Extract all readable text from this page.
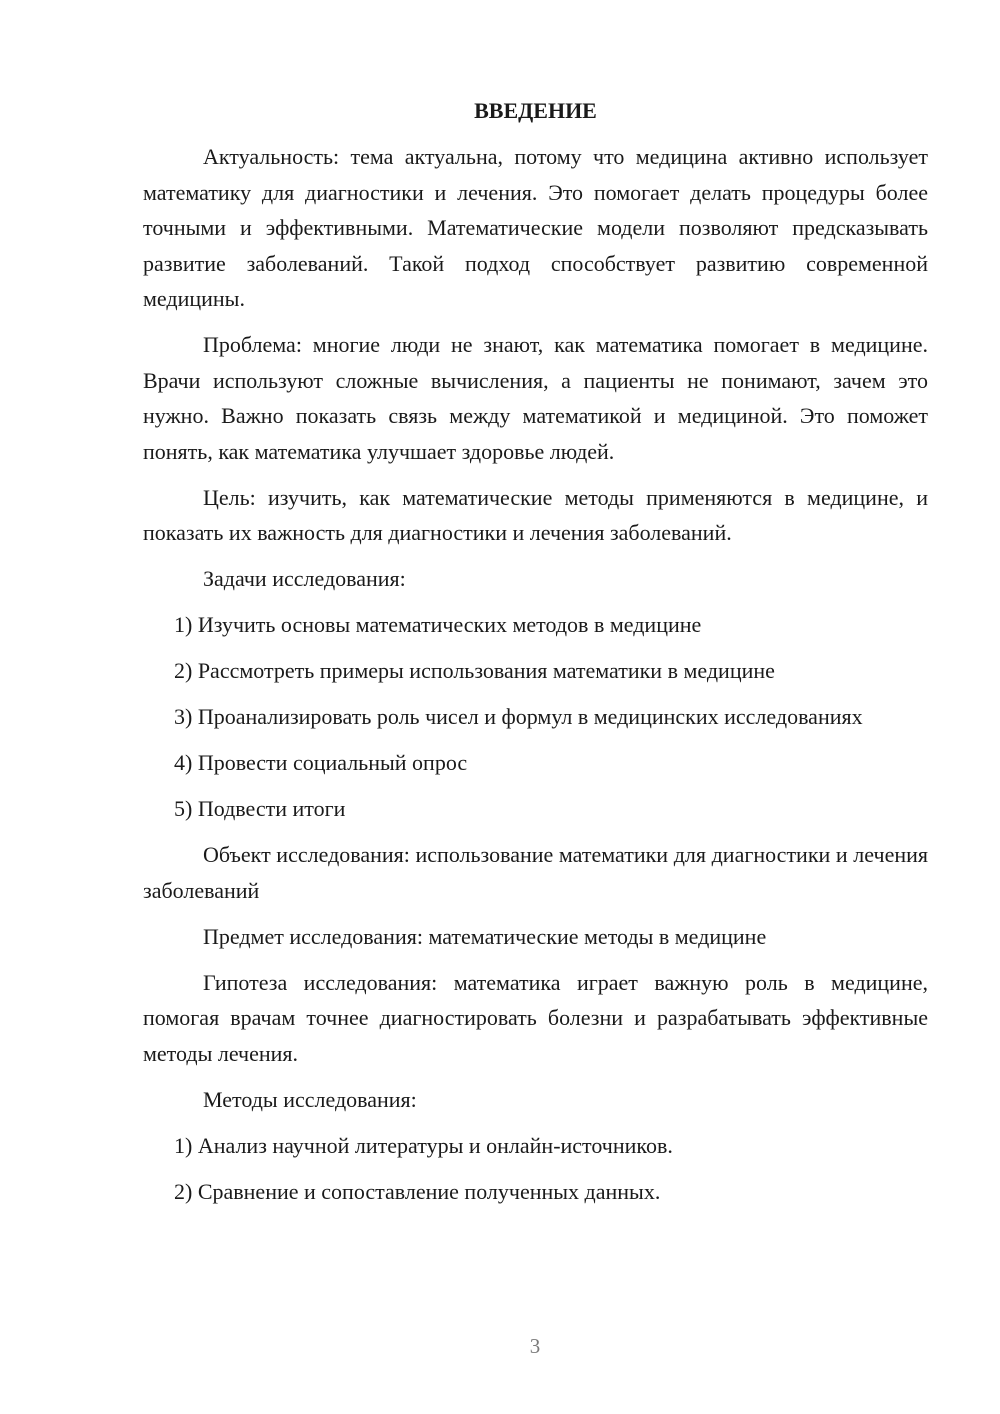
ВВЕДЕНИЕ

Актуальность: тема актуальна, потому что медицина активно использует математику для диагностики и лечения. Это помогает делать процедуры более точными и эффективными. Математические модели позволяют предсказывать развитие заболеваний. Такой подход способствует развитию современной медицины.

Проблема: многие люди не знают, как математика помогает в медицине. Врачи используют сложные вычисления, а пациенты не понимают, зачем это нужно. Важно показать связь между математикой и медициной. Это поможет понять, как математика улучшает здоровье людей.

Цель: изучить, как математические методы применяются в медицине, и показать их важность для диагностики и лечения заболеваний.

Задачи исследования:

1) Изучить основы математических методов в медицине

2) Рассмотреть примеры использования математики в медицине

3) Проанализировать роль чисел и формул в медицинских исследованиях

4) Провести социальный опрос

5) Подвести итоги

Объект исследования: использование математики для диагностики и лечения заболеваний

Предмет исследования: математические методы в медицине

Гипотеза исследования: математика играет важную роль в медицине, помогая врачам точнее диагностировать болезни и разрабатывать эффективные методы лечения.

Методы исследования:

1) Анализ научной литературы и онлайн-источников.

2) Сравнение и сопоставление полученных данных.

3
